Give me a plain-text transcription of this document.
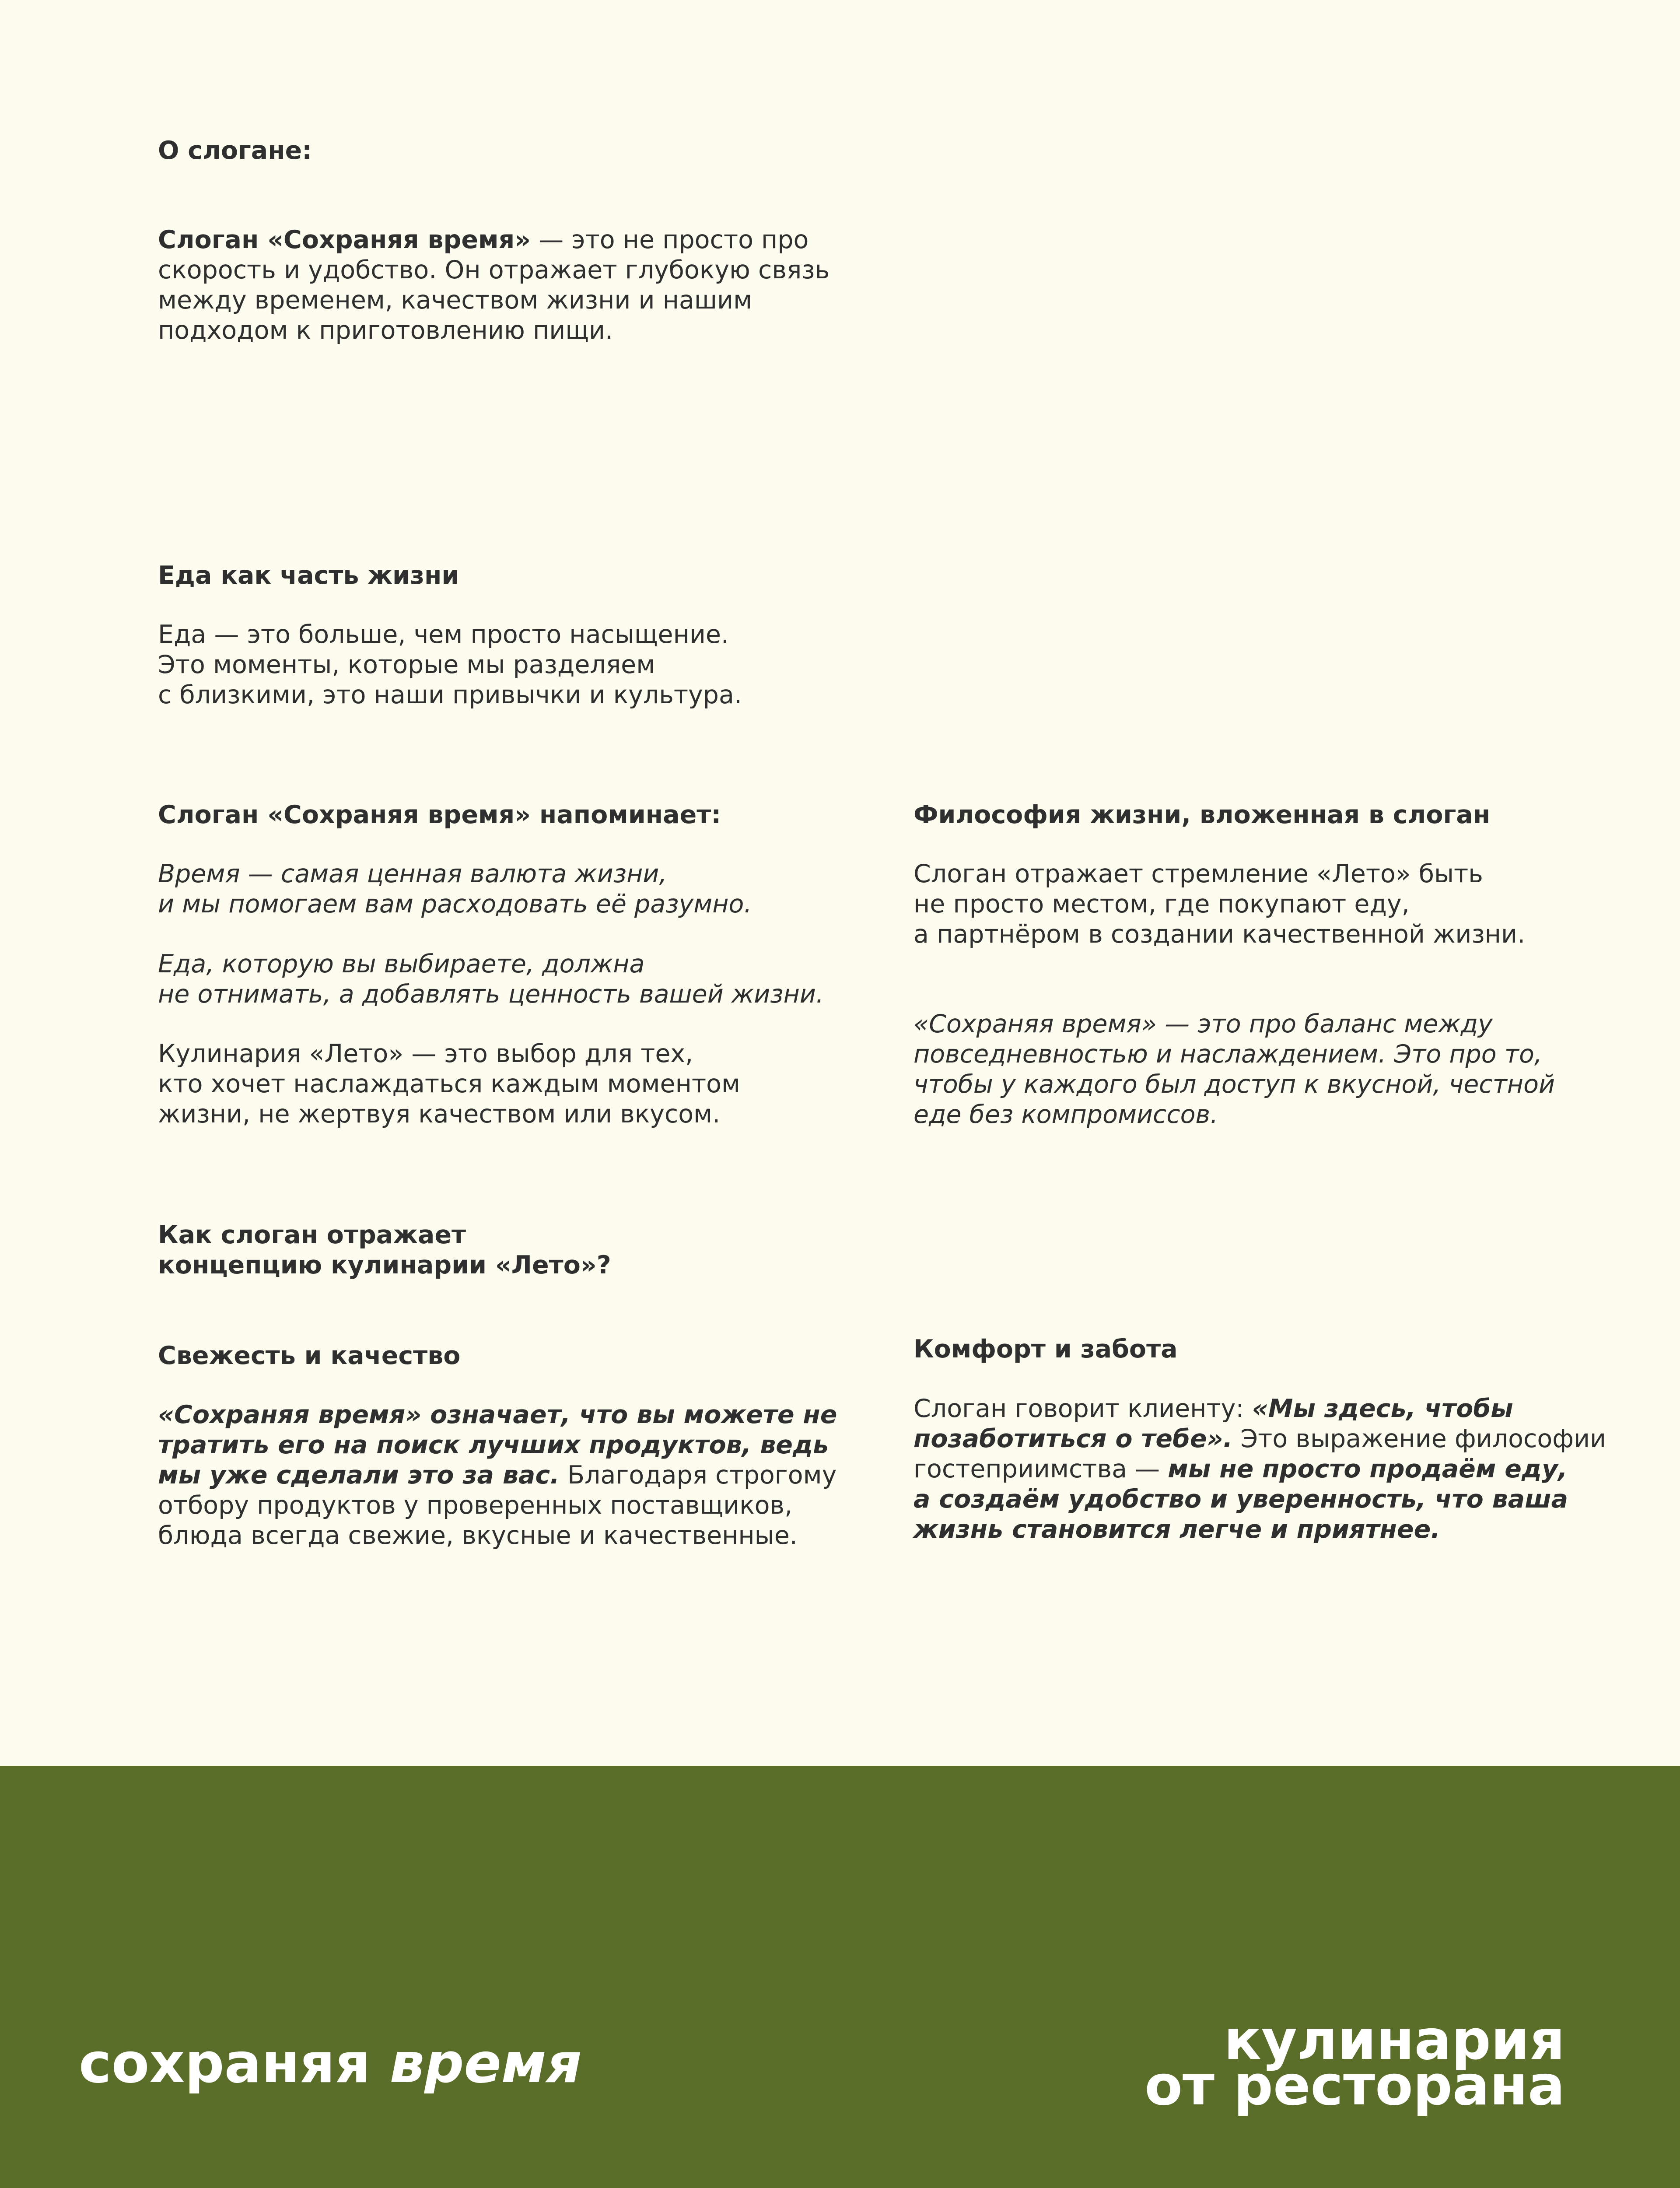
О слогане:

Слоган «Сохраняя время» — это не просто про

скорость и удобство. Он отражает глубокую связь

между временем, качеством жизни и нашим

подходом к приготовлению пищи.

Еда как часть жизни

Еда — это больше, чем просто насыщение.

Это моменты, которые мы разделяем

с близкими, это наши привычки и культура.

Слоган «Сохраняя время» напоминает:

Время — самая ценная валюта жизни,

и мы помогаем вам расходовать её разумно.

Еда, которую вы выбираете, должна

не отнимать, а добавлять ценность вашей жизни.

Кулинария «Лето» — это выбор для тех,

кто хочет наслаждаться каждым моментом

жизни, не жертвуя качеством или вкусом.

Философия жизни, вложенная в слоган

Слоган отражает стремление «Лето» быть

не просто местом, где покупают еду,

а партнёром в создании качественной жизни.

«Сохраняя время» — это про баланс между

повседневностью и наслаждением. Это про то,

чтобы у каждого был доступ к вкусной, честной

еде без компромиссов.

Как слоган отражает

концепцию кулинарии «Лето»?

Свежесть и качество

«Сохраняя время» означает, что вы можете не

тратить его на поиск лучших продуктов, ведь

мы уже сделали это за вас. Благодаря строгому

отбору продуктов у проверенных поставщиков,

блюда всегда свежие, вкусные и качественные.

Комфорт и забота

Слоган говорит клиенту: «Мы здесь, чтобы

позаботиться о тебе». Это выражение философии

гостеприимства — мы не просто продаём еду,

а создаём удобство и уверенность, что ваша

жизнь становится легче и приятнее.

сохраняя время	кулинария
от ресторана
